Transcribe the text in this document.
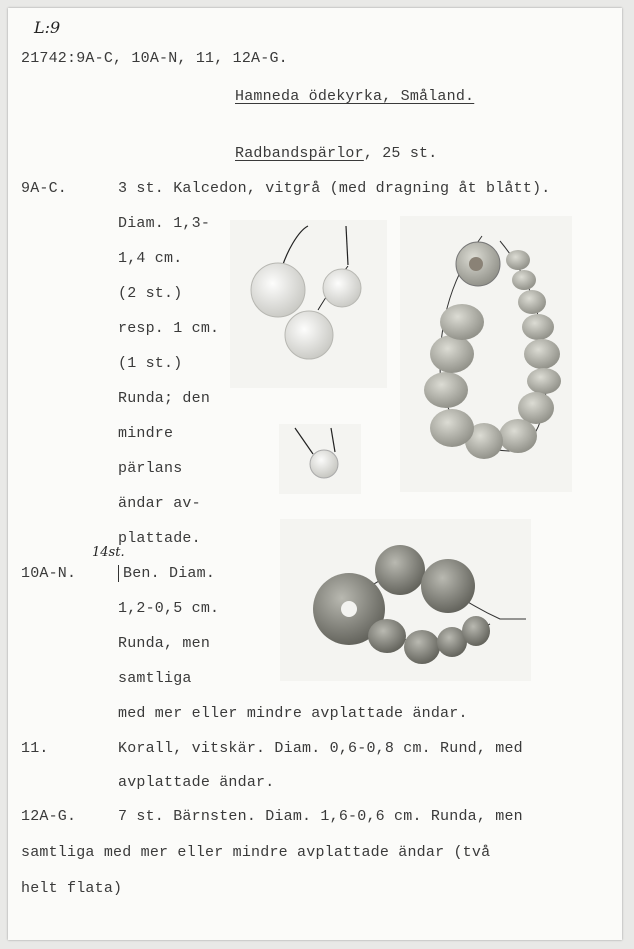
L:9
21742:9A-C, 10A-N, 11, 12A-G.
Hamneda ödekyrka, Småland.
Radbandspärlor, 25 st.
9A-C.	3 st. Kalcedon, vitgrå (med dragning åt blått).
Diam. 1,3-
1,4 cm.
(2 st.)
resp. 1 cm.
(1 st.)
Runda; den
mindre
pärlans
ändar av-
plattade.
14st.
10A-N.	Ben. Diam.
1,2-0,5 cm.
Runda, men
samtliga
med mer eller mindre avplattade ändar.
11.	Korall, vitskär. Diam. 0,6-0,8 cm. Rund, med
avplattade ändar.
12A-G.	7 st. Bärnsten. Diam. 1,6-0,6 cm. Runda, men
samtliga med mer eller mindre avplattade ändar (två
helt flata)
